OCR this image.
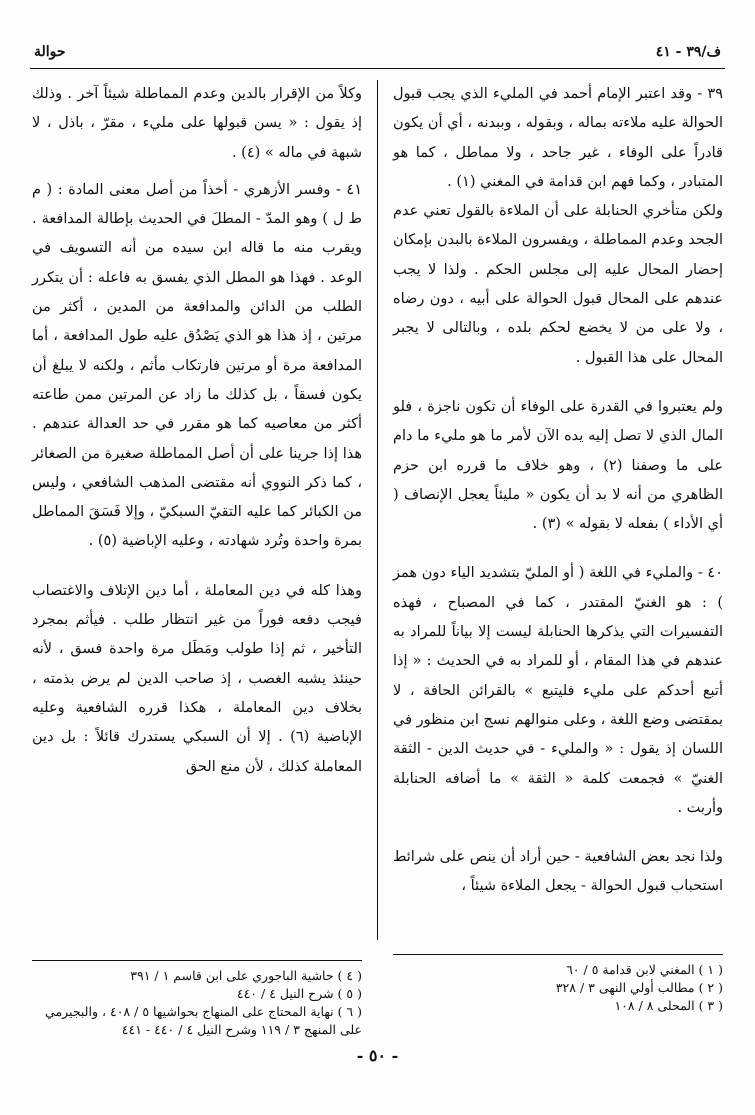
حوالة	ف/٣٩ - ٤١

٣٩ - وقد اعتبر الإمام أحمد في المليء الذي يجب قبول الحوالة عليه ملاءته بماله ، وبقوله ، وببدنه ، أي أن يكون قادراً على الوفاء ، غير جاحد ، ولا مماطل ، كما هو المتبادر ، وكما فهم ابن قدامة في المغني (١) .

ولكن متأخري الحنابلة على أن الملاءة بالقول تعني عدم الجحد وعدم المماطلة ، ويفسرون الملاءة بالبدن بإمكان إحضار المحال عليه إلى مجلس الحكم . ولذا لا يجب عندهم على المحال قبول الحوالة على أبيه ، دون رضاه ، ولا على من لا يخضع لحكم بلده ، وبالتالى لا يجبر المحال على هذا القبول .

ولم يعتبروا في القدرة على الوفاء أن تكون ناجزة ، فلو المال الذي لا تصل إليه يده الآن لأمر ما هو مليء ما دام على ما وصفنا (٢) ، وهو خلاف ما قرره ابن حزم الظاهري من أنه لا بد أن يكون « مليئاً يعجل الإنصاف ( أي الأداء ) بفعله لا بقوله » (٣) .

٤٠ - والمليء في اللغة ( أو المليّ بتشديد الياء دون همز ) : هو الغنيّ المقتدر ، كما في المصباح ، فهذه التفسيرات التي يذكرها الحنابلة ليست إلا بياناً للمراد به عندهم في هذا المقام ، أو للمراد به في الحديث : « إذا أتبع أحدكم على مليء فليتبع » بالقرائن الحافة ، لا بمقتضى وضع اللغة ، وعلى منوالهم نسج ابن منظور في اللسان إذ يقول : « والمليء - في حديث الدين - الثقة الغنيّ » فجمعت كلمة « الثقة » ما أضافه الحنابلة وأربت .

ولذا نجد بعض الشافعية - حين أراد أن ينص على شرائط استحباب قبول الحوالة - يجعل الملاءة شيئاً ،

وكلاً من الإقرار بالدين وعدم المماطلة شيئاً آخر . وذلك إذ يقول : « يسن قبولها على مليء ، مقرّ ، باذل ، لا شبهة في ماله » (٤) .

٤١ - وفسر الأزهري - أخذاً من أصل معنى المادة : ( م ط ل ) وهو المدّ - المطلَ في الحديث بإطالة المدافعة . ويقرب منه ما قاله ابن سيده من أنه التسويف في الوعد . فهذا هو المطل الذي يفسق به فاعله : أن يتكرر الطلب من الدائن والمدافعة من المدين ، أكثر من مرتين ، إذ هذا هو الذي يَصْدُق عليه طول المدافعة ، أما المدافعة مرة أو مرتين فارتكاب مأثم ، ولكنه لا يبلغ أن يكون فسقاً ، بل كذلك ما زاد عن المرتين ممن طاعته أكثر من معاصيه كما هو مقرر في حد العدالة عندهم . هذا إذا جرينا على أن أصل المماطلة صغيرة من الصغائر ، كما ذكر النووي أنه مقتضى المذهب الشافعي ، وليس من الكبائر كما عليه التقيّ السبكيّ ، وإلا فَسَقَ المماطل بمرة واحدة وتُرد شهادته ، وعليه الإباضية (٥) .

وهذا كله في دين المعاملة ، أما دين الإتلاف والاغتصاب فيجب دفعه فوراً من غير انتظار طلب . فيأثم بمجرد التأخير ، ثم إذا طولب ومَطَل مرة واحدة فسق ، لأنه حينئذ يشبه الغصب ، إذ صاحب الدين لم يرض بذمته ، بخلاف دين المعاملة ، هكذا قرره الشافعية وعليه الإباضية (٦) . إلا أن السبكي يستدرك قائلاً : بل دين المعاملة كذلك ، لأن منع الحق

( ١ ) المغني لابن قدامة ٥ / ٦٠

( ٢ ) مطالب أولي النهى ٣ / ٣٢٨

( ٣ ) المحلى ٨ / ١٠٨

( ٤ ) حاشية الباجوري على ابن قاسم ١ / ٣٩١

( ٥ ) شرح النيل ٤ / ٤٤٠

( ٦ ) نهاية المحتاج على المنهاج بحواشيها ٥ / ٤٠٨ ، والبجيرمي على المنهج ٣ / ١١٩ وشرح النيل ٤ / ٤٤٠ - ٤٤١

- ٥٠ -
